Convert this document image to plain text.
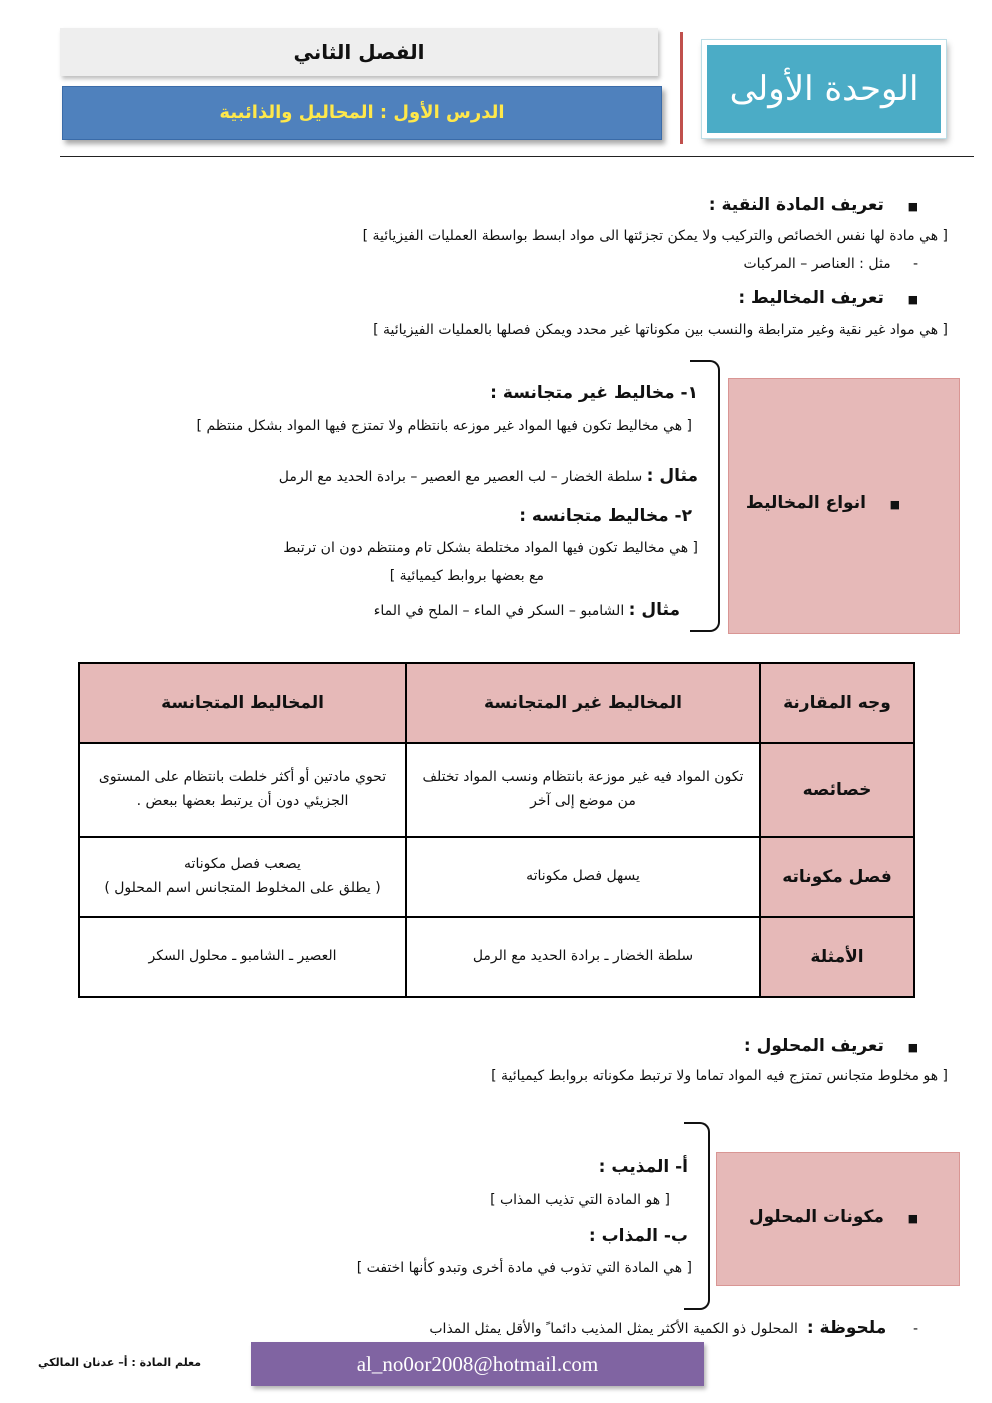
الفصل الثاني
الدرس الأول : المحاليل والذائبية
الوحدة الأولى
■    تعريف المادة النقية :
[ هي مادة لها نفس الخصائص والتركيب ولا يمكن تجزئتها الى مواد ابسط بواسطة العمليات الفيزيائية ]
-     مثل : العناصر – المركبات
■    تعريف المخاليط :
[ هي مواد غير نقية وغير مترابطة والنسب بين مكوناتها غير محدد ويمكن فصلها بالعمليات الفيزيائية ]
■    انواع المخاليط
١- مخاليط غير متجانسة :
[ هي مخاليط تكون فيها المواد غير موزعه بانتظام ولا تمتزج فيها المواد بشكل منتظم ]
مثال : سلطة الخضار – لب العصير مع العصير – برادة الحديد مع الرمل
٢- مخاليط متجانسه :
[ هي مخاليط تكون فيها المواد مختلطة بشكل تام ومنتظم دون ان ترتبط
مع بعضها بروابط كيميائية ]
مثال : الشامبو – السكر في الماء – الملح في الماء
وجه المقارنة	المخاليط غير المتجانسة	المخاليط المتجانسة
خصائصه	تكون المواد فيه غير موزعة بانتظام ونسب المواد تختلف من موضع إلى آخر	تحوي مادتين أو أكثر خلطت بانتظام على المستوى الجزيئي دون أن يرتبط بعضها ببعض .
فصل مكوناته	يسهل فصل مكوناته	يصعب فصل مكوناته
( يطلق على المخلوط المتجانس اسم المحلول )

الأمثلة	سلطة الخضار ـ برادة الحديد مع الرمل	العصير ـ الشامبو ـ محلول السكر
■    تعريف المحلول :
[ هو مخلوط متجانس تمتزج فيه المواد تماما ولا ترتبط مكوناته بروابط كيميائية ]
■    مكونات المحلول
أ- المذيب :
[ هو المادة التي تذيب المذاب ]
ب- المذاب :
[ هي المادة التي تذوب في مادة أخرى وتبدو كأنها اختفت ]
-      ملحوظة :  المحلول ذو الكمية الأكثر يمثل المذيب دائما ً والأقل يمثل المذاب
al_no0or2008@hotmail.com
معلم المادة : أ– عدنان المالكي
